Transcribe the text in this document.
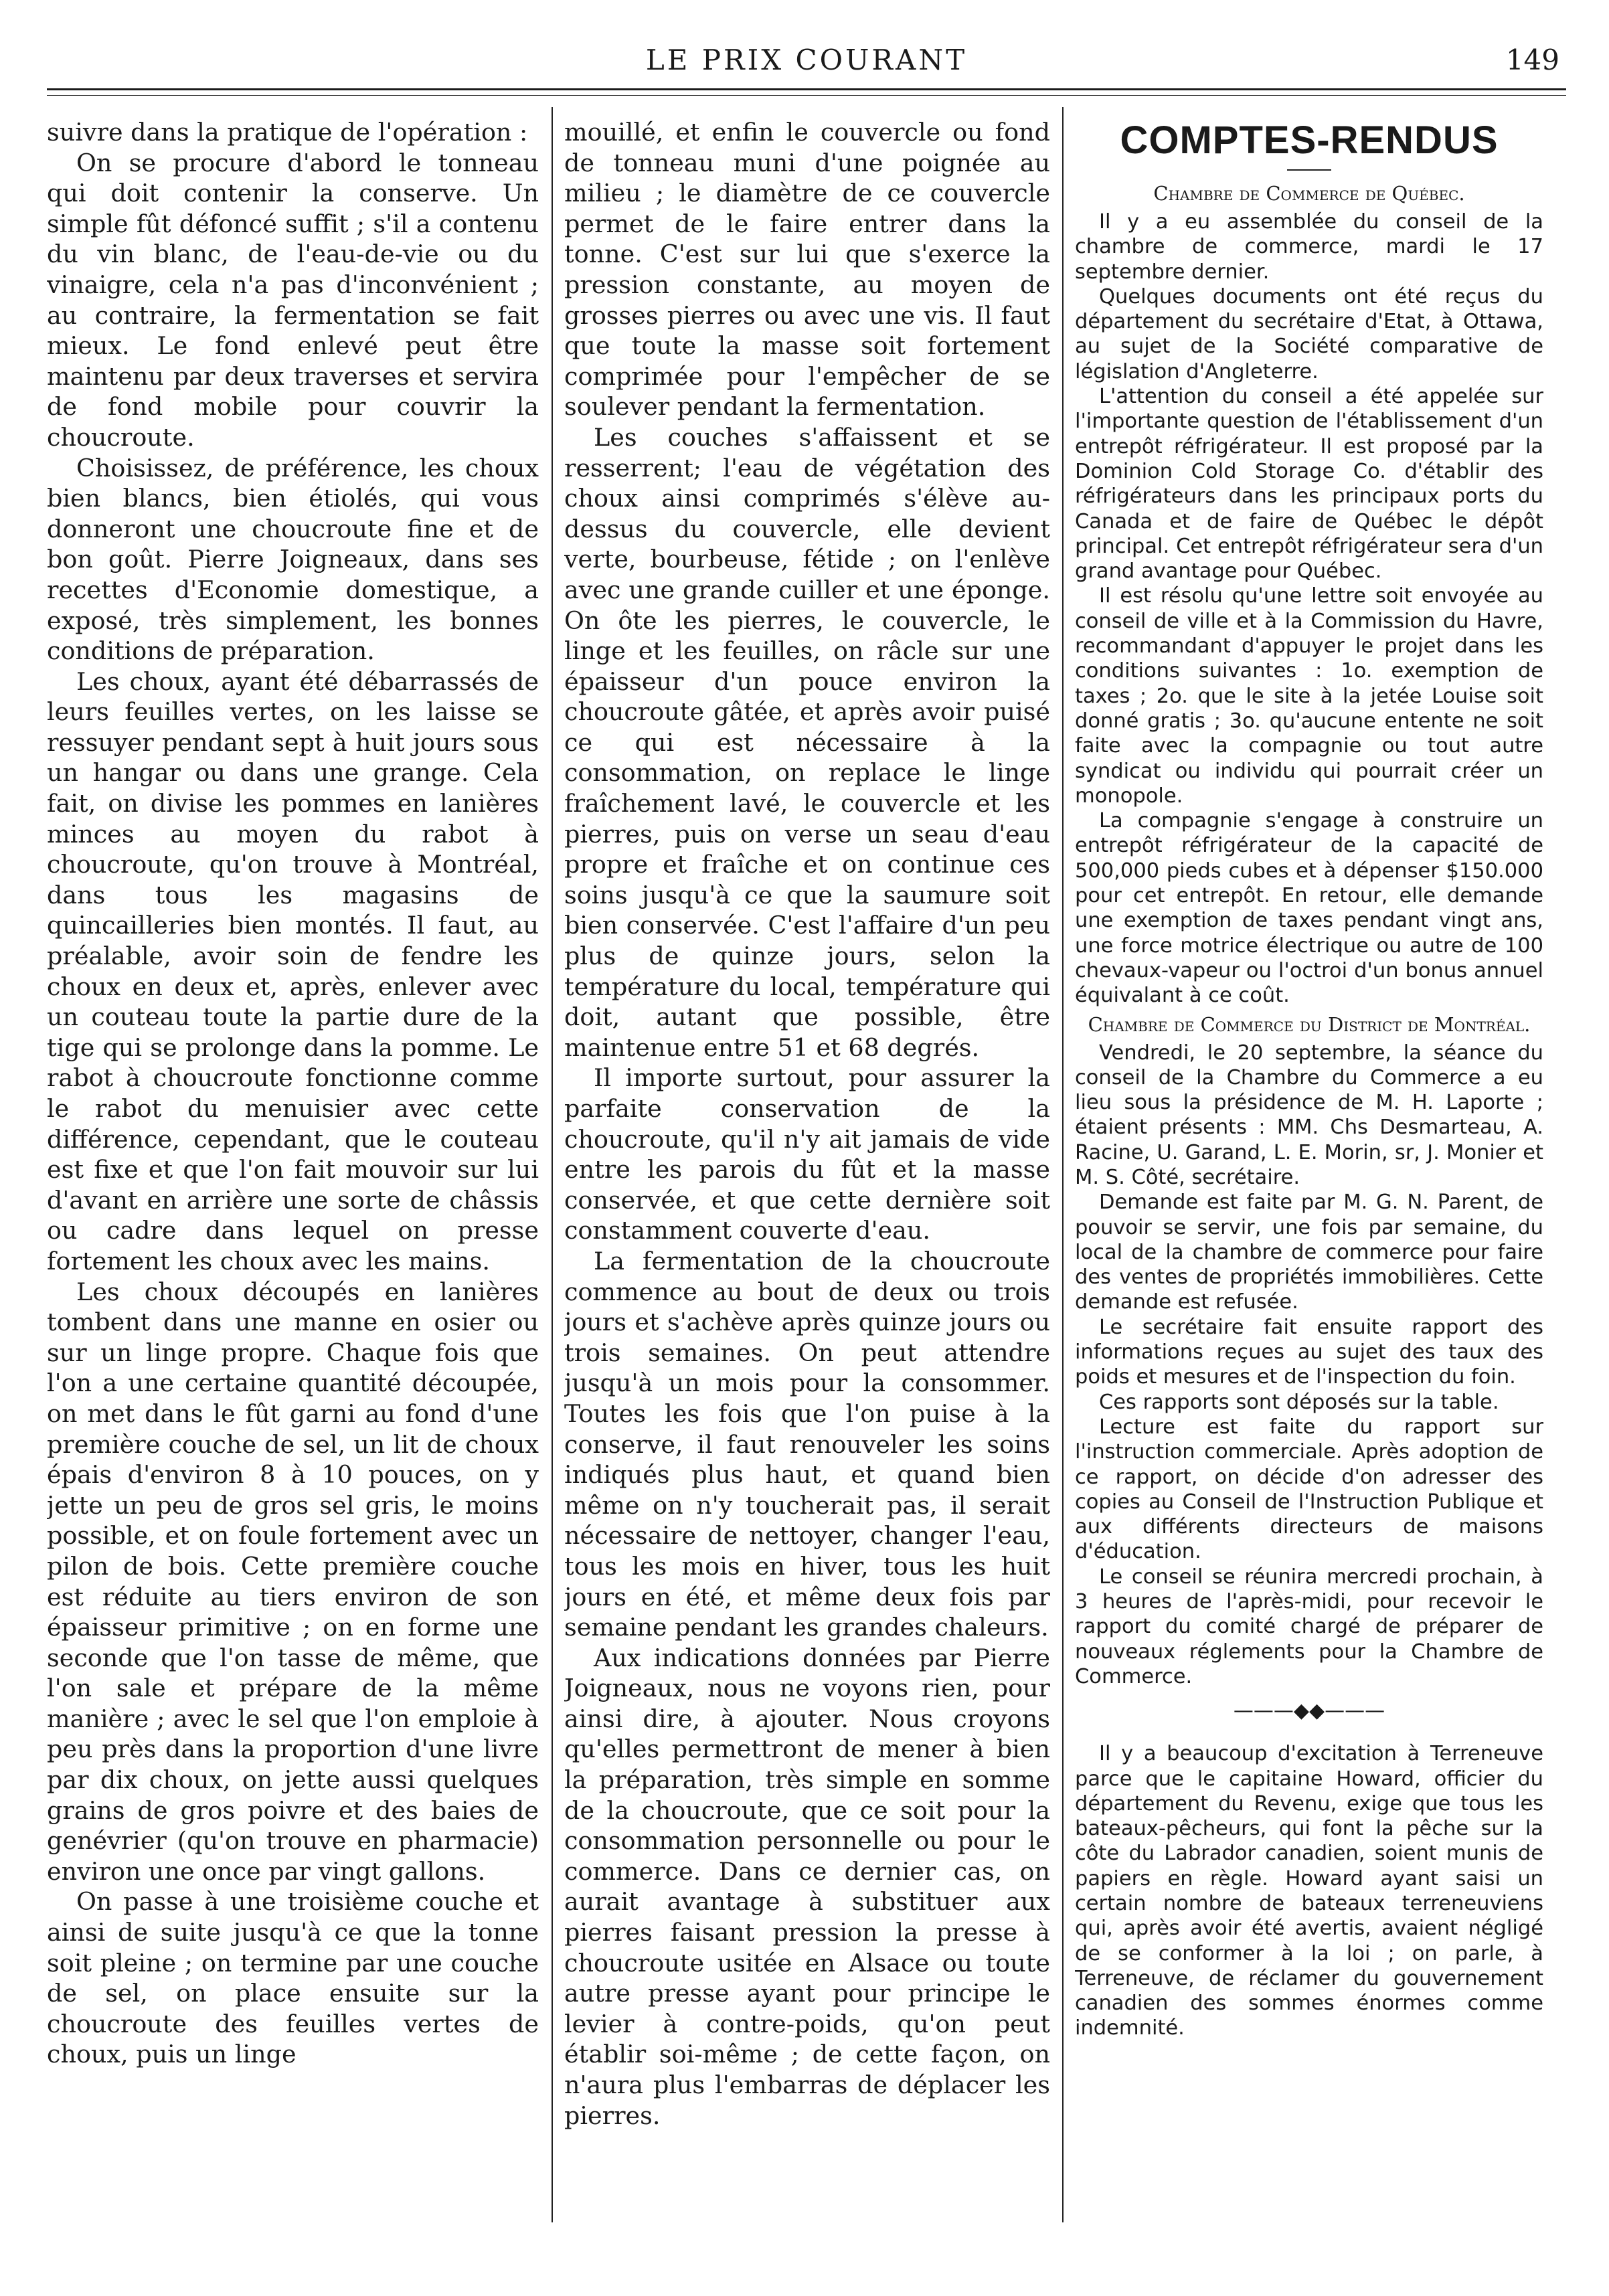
LE PRIX COURANT	149

suivre dans la pratique de l'opération :

On se procure d'abord le tonneau qui doit contenir la conserve. Un simple fût défoncé suffit ; s'il a contenu du vin blanc, de l'eau-de-vie ou du vinaigre, cela n'a pas d'inconvénient ; au contraire, la fermentation se fait mieux. Le fond enlevé peut être maintenu par deux traverses et servira de fond mobile pour couvrir la choucroute.

Choisissez, de préférence, les choux bien blancs, bien étiolés, qui vous donneront une choucroute fine et de bon goût. Pierre Joigneaux, dans ses recettes d'Economie domestique, a exposé, très simplement, les bonnes conditions de préparation.

Les choux, ayant été débarrassés de leurs feuilles vertes, on les laisse se ressuyer pendant sept à huit jours sous un hangar ou dans une grange. Cela fait, on divise les pommes en lanières minces au moyen du rabot à choucroute, qu'on trouve à Montréal, dans tous les magasins de quincailleries bien montés. Il faut, au préalable, avoir soin de fendre les choux en deux et, après, enlever avec un couteau toute la partie dure de la tige qui se prolonge dans la pomme. Le rabot à choucroute fonctionne comme le rabot du menuisier avec cette différence, cependant, que le couteau est fixe et que l'on fait mouvoir sur lui d'avant en arrière une sorte de châssis ou cadre dans lequel on presse fortement les choux avec les mains.

Les choux découpés en lanières tombent dans une manne en osier ou sur un linge propre. Chaque fois que l'on a une certaine quantité découpée, on met dans le fût garni au fond d'une première couche de sel, un lit de choux épais d'environ 8 à 10 pouces, on y jette un peu de gros sel gris, le moins possible, et on foule fortement avec un pilon de bois. Cette première couche est réduite au tiers environ de son épaisseur primitive ; on en forme une seconde que l'on tasse de même, que l'on sale et prépare de la même manière ; avec le sel que l'on emploie à peu près dans la proportion d'une livre par dix choux, on jette aussi quelques grains de gros poivre et des baies de genévrier (qu'on trouve en pharmacie) environ une once par vingt gallons.

On passe à une troisième couche et ainsi de suite jusqu'à ce que la tonne soit pleine ; on termine par une couche de sel, on place ensuite sur la choucroute des feuilles vertes de choux, puis un linge

mouillé, et enfin le couvercle ou fond de tonneau muni d'une poignée au milieu ; le diamètre de ce couvercle permet de le faire entrer dans la tonne. C'est sur lui que s'exerce la pression constante, au moyen de grosses pierres ou avec une vis. Il faut que toute la masse soit fortement comprimée pour l'empêcher de se soulever pendant la fermentation.

Les couches s'affaissent et se resserrent; l'eau de végétation des choux ainsi comprimés s'élève au-dessus du couvercle, elle devient verte, bourbeuse, fétide ; on l'enlève avec une grande cuiller et une éponge. On ôte les pierres, le couvercle, le linge et les feuilles, on râcle sur une épaisseur d'un pouce environ la choucroute gâtée, et après avoir puisé ce qui est nécessaire à la consommation, on replace le linge fraîchement lavé, le couvercle et les pierres, puis on verse un seau d'eau propre et fraîche et on continue ces soins jusqu'à ce que la saumure soit bien conservée. C'est l'affaire d'un peu plus de quinze jours, selon la température du local, température qui doit, autant que possible, être maintenue entre 51 et 68 degrés.

Il importe surtout, pour assurer la parfaite conservation de la choucroute, qu'il n'y ait jamais de vide entre les parois du fût et la masse conservée, et que cette dernière soit constamment couverte d'eau.

La fermentation de la choucroute commence au bout de deux ou trois jours et s'achève après quinze jours ou trois semaines. On peut attendre jusqu'à un mois pour la consommer. Toutes les fois que l'on puise à la conserve, il faut renouveler les soins indiqués plus haut, et quand bien même on n'y toucherait pas, il serait nécessaire de nettoyer, changer l'eau, tous les mois en hiver, tous les huit jours en été, et même deux fois par semaine pendant les grandes chaleurs.

Aux indications données par Pierre Joigneaux, nous ne voyons rien, pour ainsi dire, à ajouter. Nous croyons qu'elles permettront de mener à bien la préparation, très simple en somme de la choucroute, que ce soit pour la consommation personnelle ou pour le commerce. Dans ce dernier cas, on aurait avantage à substituer aux pierres faisant pression la presse à choucroute usitée en Alsace ou toute autre presse ayant pour principe le levier à contre-poids, qu'on peut établir soi-même ; de cette façon, on n'aura plus l'embarras de déplacer les pierres.

COMPTES-RENDUS
Chambre de Commerce de Québec.

Il y a eu assemblée du conseil de la chambre de commerce, mardi le 17 septembre dernier.

Quelques documents ont été reçus du département du secrétaire d'Etat, à Ottawa, au sujet de la Société comparative de législation d'Angleterre.

L'attention du conseil a été appelée sur l'importante question de l'établissement d'un entrepôt réfrigérateur. Il est proposé par la Dominion Cold Storage Co. d'établir des réfrigérateurs dans les principaux ports du Canada et de faire de Québec le dépôt principal. Cet entrepôt réfrigérateur sera d'un grand avantage pour Québec.

Il est résolu qu'une lettre soit envoyée au conseil de ville et à la Commission du Havre, recommandant d'appuyer le projet dans les conditions suivantes : 1o. exemption de taxes ; 2o. que le site à la jetée Louise soit donné gratis ; 3o. qu'aucune entente ne soit faite avec la compagnie ou tout autre syndicat ou individu qui pourrait créer un monopole.

La compagnie s'engage à construire un entrepôt réfrigérateur de la capacité de 500,000 pieds cubes et à dépenser $150.000 pour cet entrepôt. En retour, elle demande une exemption de taxes pendant vingt ans, une force motrice électrique ou autre de 100 chevaux-vapeur ou l'octroi d'un bonus annuel équivalant à ce coût.

Chambre de Commerce du District de Montréal.

Vendredi, le 20 septembre, la séance du conseil de la Chambre du Commerce a eu lieu sous la présidence de M. H. Laporte ; étaient présents : MM. Chs Desmarteau, A. Racine, U. Garand, L. E. Morin, sr, J. Monier et M. S. Côté, secrétaire.

Demande est faite par M. G. N. Parent, de pouvoir se servir, une fois par semaine, du local de la chambre de commerce pour faire des ventes de propriétés immobilières. Cette demande est refusée.

Le secrétaire fait ensuite rapport des informations reçues au sujet des taux des poids et mesures et de l'inspection du foin.

Ces rapports sont déposés sur la table.

Lecture est faite du rapport sur l'instruction commerciale. Après adoption de ce rapport, on décide d'on adresser des copies au Conseil de l'Instruction Publique et aux différents directeurs de maisons d'éducation.

Le conseil se réunira mercredi prochain, à 3 heures de l'après-midi, pour recevoir le rapport du comité chargé de préparer de nouveaux réglements pour la Chambre de Commerce.

———◆◆———

Il y a beaucoup d'excitation à Terreneuve parce que le capitaine Howard, officier du département du Revenu, exige que tous les bateaux-pêcheurs, qui font la pêche sur la côte du Labrador canadien, soient munis de papiers en règle. Howard ayant saisi un certain nombre de bateaux terreneuviens qui, après avoir été avertis, avaient négligé de se conformer à la loi ; on parle, à Terreneuve, de réclamer du gouvernement canadien des sommes énormes comme indemnité.
